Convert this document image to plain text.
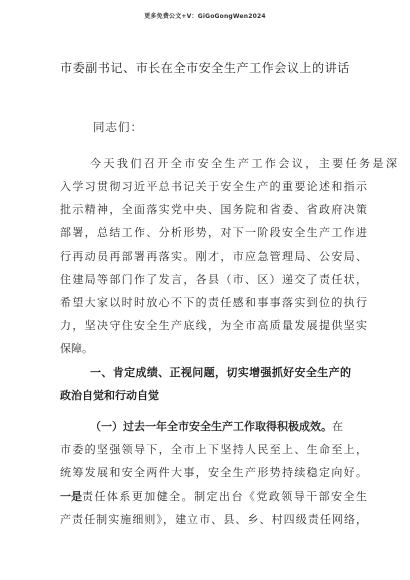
更多免费公文+V：GiGoGongWen2024
市委副书记、市长在全市安全生产工作会议上的讲话
同志们：
今天我们召开全市安全生产工作会议，主要任务是深
入学习贯彻习近平总书记关于安全生产的重要论述和指示
批示精神，全面落实党中央、国务院和省委、省政府决策
部署，总结工作、分析形势，对下一阶段安全生产工作进
行再动员再部署再落实。刚才，市应急管理局、公安局、
住建局等部门作了发言，各县（市、区）递交了责任状，
希望大家以时时放心不下的责任感和事事落实到位的执行
力，坚决守住安全生产底线，为全市高质量发展提供坚实
保障。
一、肯定成绩、正视问题，切实增强抓好安全生产的
政治自觉和行动自觉
（一）过去一年全市安全生产工作取得积极成效。在
市委的坚强领导下，全市上下坚持人民至上、生命至上，
统筹发展和安全两件大事，安全生产形势持续稳定向好。
一是 责任体系更加健全。制定出台《党政领导干部安全生
产责任制实施细则》，建立市、县、乡、村四级责任网络，
